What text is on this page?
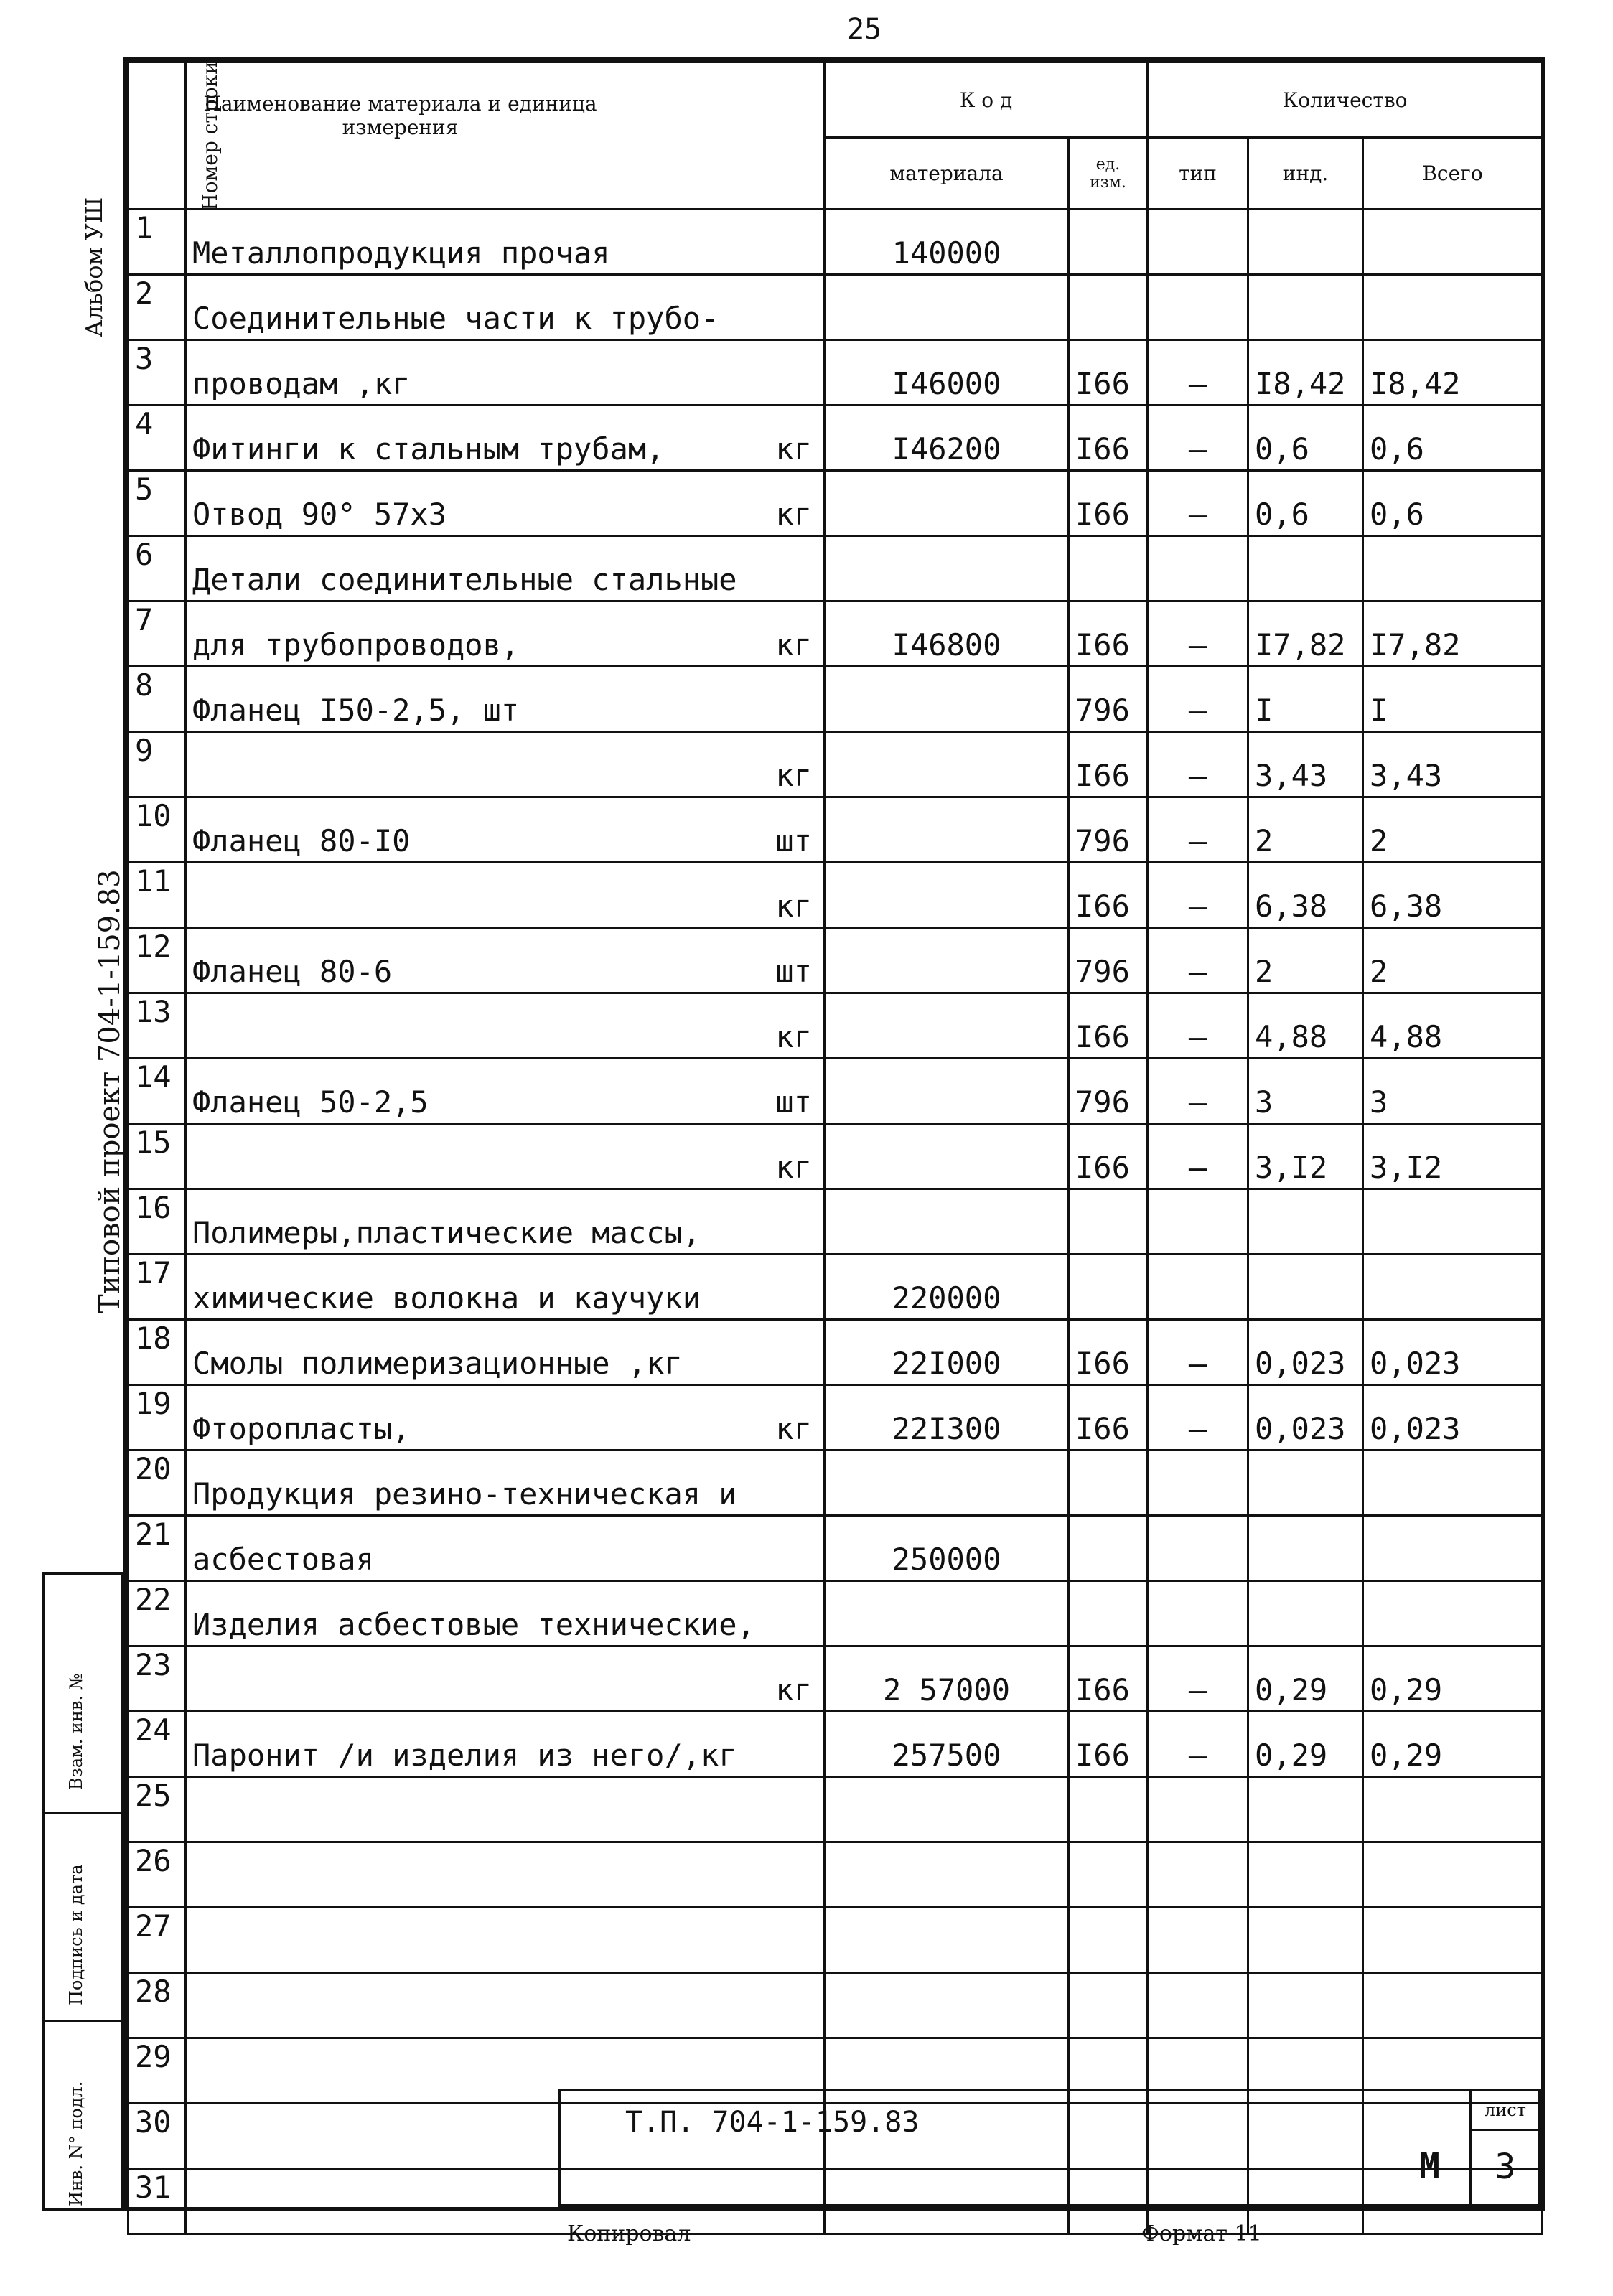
25
Альбом УШ
Типовой проект 704-1-159.83
Инв. N° подл.
Подпись и дата
Взам. инв. №
Номер строки	Наименование материала и единица измерения	К о д		Количество		
		материала	ед. изм.	тип	инд.	Всего
1	Металлопродукция прочая	140000				
2	Соединительные части к трубо-

3	проводам ,кг	I46000	I66	–	I8,42	I8,42
4	Фитинги к стальным трубам, кг	I46200	I66	–	0,6	0,6
5	Отвод 90° 57х3 кг		I66	–	0,6	0,6
6	Детали соединительные стальные

7	для трубопроводов, кг	I46800	I66	–	I7,82	I7,82
8	Фланец I50-2,5, шт		796	–	I	I
9	кг		I66	–	3,43	3,43
10	Фланец 80-I0 шт		796	–	2	2
11	кг		I66	–	6,38	6,38
12	Фланец 80-6 шт		796	–	2	2
13	кг		I66	–	4,88	4,88
14	Фланец 50-2,5 шт		796	–	3	3
15	кг		I66	–	3,I2	3,I2
16	Полимеры,пластические массы,

17	химические волокна и каучуки	220000				
18	Смолы полимеризационные ,кг	22I000	I66	–	0,023	0,023
19	Фторопласты, кг	22I300	I66	–	0,023	0,023
20	Продукция резино-техническая и

21	асбестовая	250000				
22	Изделия асбестовые технические,

23	кг	2 57000	I66	–	0,29	0,29
24	Паронит /и изделия из него/,кг	257500	I66	–	0,29	0,29
25	

26	

27	

28	

29	

30	

31	

Т.П. 704-1-159.83
М
лист
3
Копировал	Формат 11
